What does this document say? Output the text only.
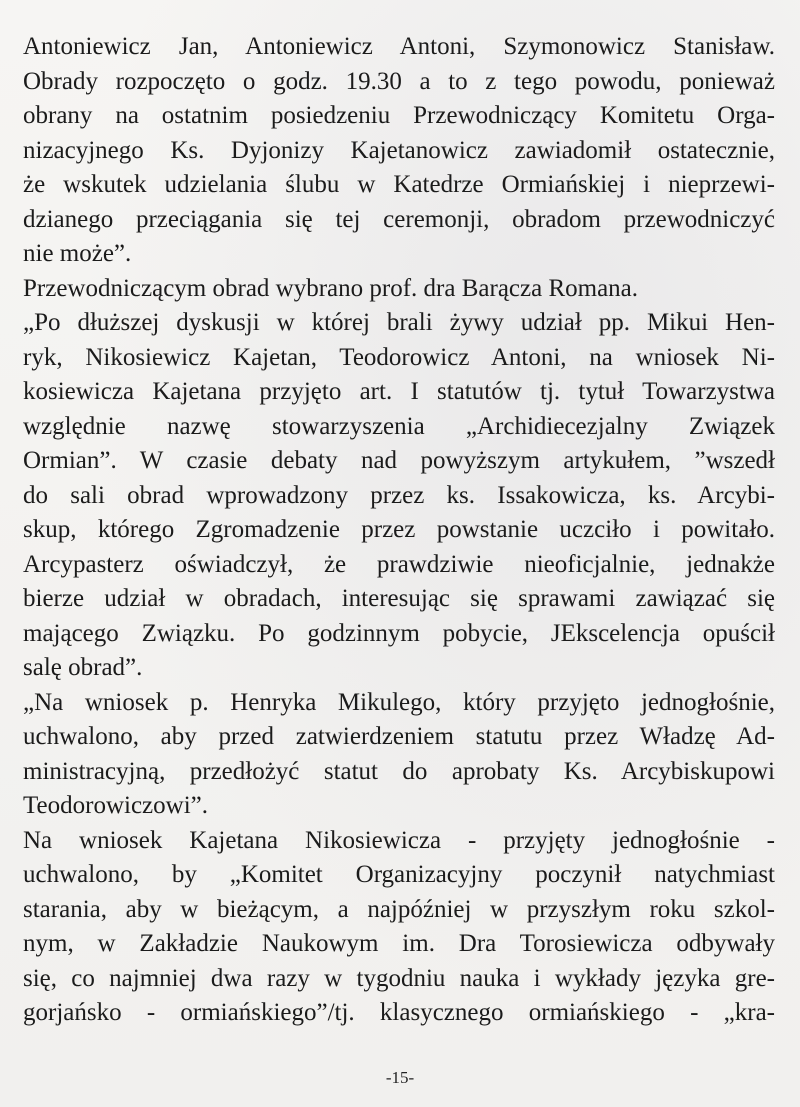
Antoniewicz Jan, Antoniewicz Antoni, Szymonowicz Stanisław.
Obrady rozpoczęto o godz. 19.30 a to z tego powodu, ponieważ
obrany na ostatnim posiedzeniu Przewodniczący Komitetu Orga-
nizacyjnego Ks. Dyjonizy Kajetanowicz zawiadomił ostatecznie,
że wskutek udzielania ślubu w Katedrze Ormiańskiej i nieprzewi-
dzianego przeciągania się tej ceremonji, obradom przewodniczyć
nie może”.
Przewodniczącym obrad wybrano prof. dra Barącza Romana.
„Po dłuższej dyskusji w której brali żywy udział pp. Mikui Hen-
ryk, Nikosiewicz Kajetan, Teodorowicz Antoni, na wniosek Ni-
kosiewicza Kajetana przyjęto art. I statutów tj. tytuł Towarzystwa
względnie nazwę stowarzyszenia „Archidiecezjalny Związek
Ormian”. W czasie debaty nad powyższym artykułem, ”wszedł
do sali obrad wprowadzony przez ks. Issakowicza, ks. Arcybi-
skup, którego Zgromadzenie przez powstanie uczciło i powitało.
Arcypasterz oświadczył, że prawdziwie nieoficjalnie, jednakże
bierze udział w obradach, interesując się sprawami zawiązać się
mającego Związku. Po godzinnym pobycie, JEkscelencja opuścił
salę obrad”.
„Na wniosek p. Henryka Mikulego, który przyjęto jednogłośnie,
uchwalono, aby przed zatwierdzeniem statutu przez Władzę Ad-
ministracyjną, przedłożyć statut do aprobaty Ks. Arcybiskupowi
Teodorowiczowi”.
Na wniosek Kajetana Nikosiewicza - przyjęty jednogłośnie -
uchwalono, by „Komitet Organizacyjny poczynił natychmiast
starania, aby w bieżącym, a najpóźniej w przyszłym roku szkol-
nym, w Zakładzie Naukowym im. Dra Torosiewicza odbywały
się, co najmniej dwa razy w tygodniu nauka i wykłady języka gre-
gorjańsko - ormiańskiego”/tj. klasycznego ormiańskiego - „kra-
-15-
